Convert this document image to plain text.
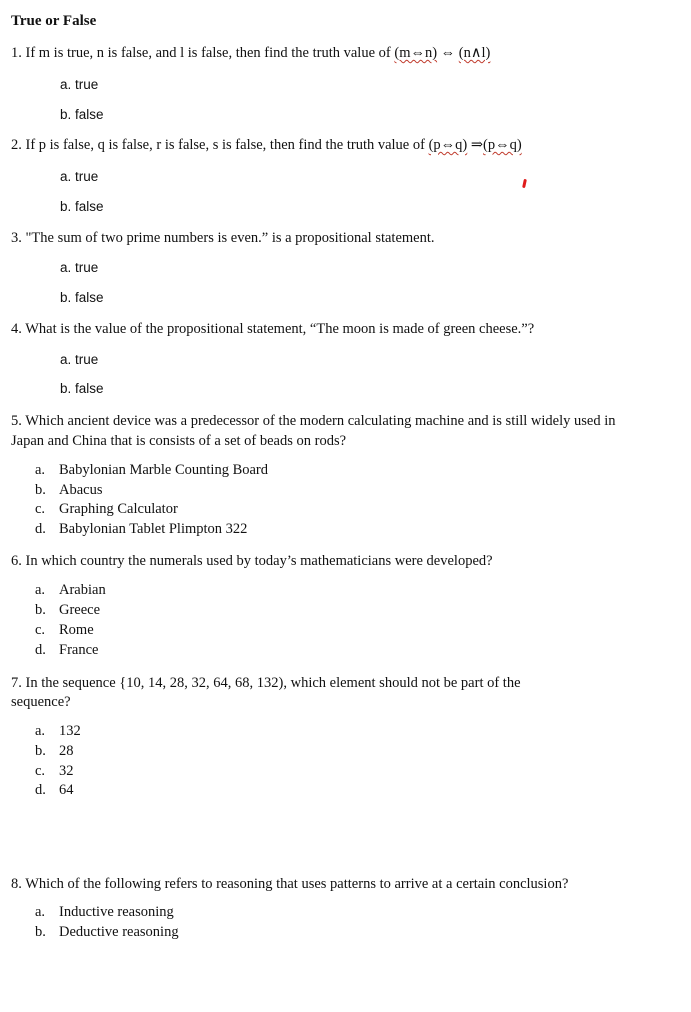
True or False
1. If m is true, n is false, and l is false, then find the truth value of (m⇔n) ⇔ (n∧l)
a. true
b. false
2. If p is false, q is false, r is false, s is false, then find the truth value of (p⇔q) ⇒(p⇔q)
a. true
b. false
3. "The sum of two prime numbers is even.” is a propositional statement.
a. true
b. false
4. What is the value of the propositional statement, “The moon is made of green cheese.”?
a. true
b. false
5. Which ancient device was a predecessor of the modern calculating machine and is still widely used in
Japan and China that is consists of a set of beads on rods?
a. Babylonian Marble Counting Board
b. Abacus
c. Graphing Calculator
d. Babylonian Tablet Plimpton 322
6. In which country the numerals used by today’s mathematicians were developed?
a. Arabian
b. Greece
c. Rome
d. France
7. In the sequence {10, 14, 28, 32, 64, 68, 132), which element should not be part of the
sequence?
a. 132
b. 28
c. 32
d. 64
8. Which of the following refers to reasoning that uses patterns to arrive at a certain conclusion?
a. Inductive reasoning
b. Deductive reasoning
